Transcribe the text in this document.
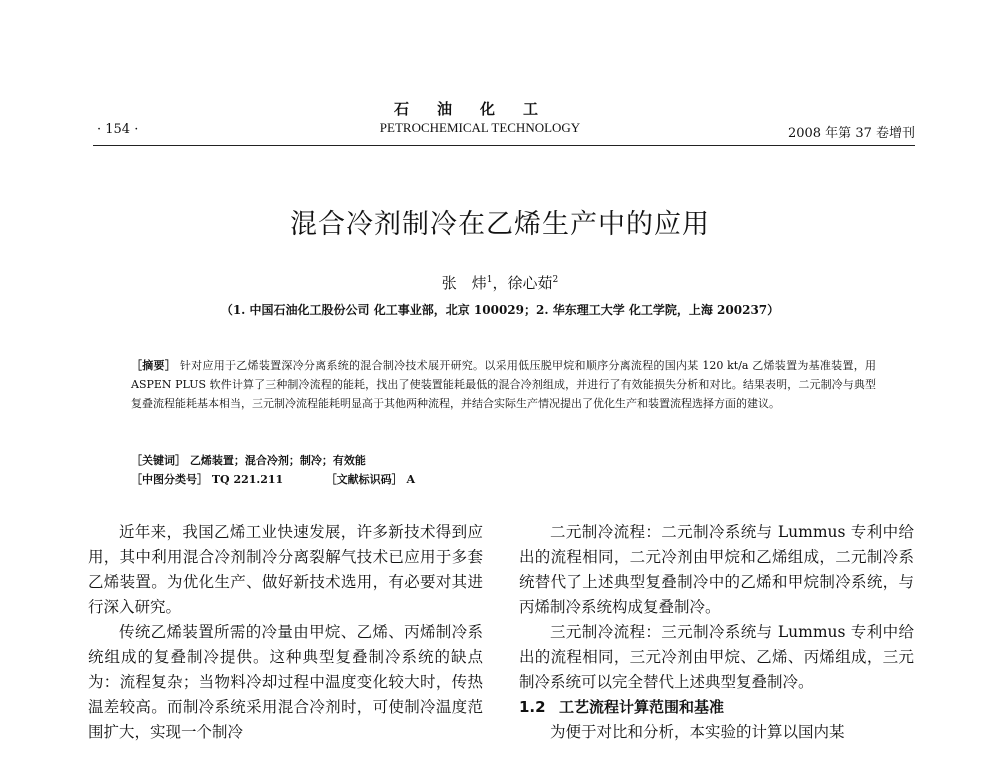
石油化工
PETROCHEMICAL TECHNOLOGY
· 154 ·	2008 年第 37 卷增刊
混合冷剂制冷在乙烯生产中的应用
张　炜$^1$，徐心茹$^2$
（1. 中国石油化工股份公司 化工事业部，北京 100029；2. 华东理工大学 化工学院，上海 200237）
［摘要］ 针对应用于乙烯装置深冷分离系统的混合制冷技术展开研究。以采用低压脱甲烷和顺序分离流程的国内某 120 kt/a 乙烯装置为基准装置，用 ASPEN PLUS 软件计算了三种制冷流程的能耗，找出了使装置能耗最低的混合冷剂组成，并进行了有效能损失分析和对比。结果表明，二元制冷与典型复叠流程能耗基本相当，三元制冷流程能耗明显高于其他两种流程，并结合实际生产情况提出了优化生产和装置流程选择方面的建议。
［关键词］ 乙烯装置；混合冷剂；制冷；有效能
［中图分类号］ TQ 221.211	［文献标识码］ A

近年来，我国乙烯工业快速发展，许多新技术得到应用，其中利用混合冷剂制冷分离裂解气技术已应用于多套乙烯装置。为优化生产、做好新技术选用，有必要对其进行深入研究。

传统乙烯装置所需的冷量由甲烷、乙烯、丙烯制冷系统组成的复叠制冷提供。这种典型复叠制冷系统的缺点为：流程复杂；当物料冷却过程中温度变化较大时，传热温差较高。而制冷系统采用混合冷剂时，可使制冷温度范围扩大，实现一个制冷

二元制冷流程：二元制冷系统与 Lummus 专利中给出的流程相同，二元冷剂由甲烷和乙烯组成，二元制冷系统替代了上述典型复叠制冷中的乙烯和甲烷制冷系统，与丙烯制冷系统构成复叠制冷。

三元制冷流程：三元制冷系统与 Lummus 专利中给出的流程相同，三元冷剂由甲烷、乙烯、丙烯组成，三元制冷系统可以完全替代上述典型复叠制冷。

1.2 工艺流程计算范围和基准

为便于对比和分析，本实验的计算以国内某
